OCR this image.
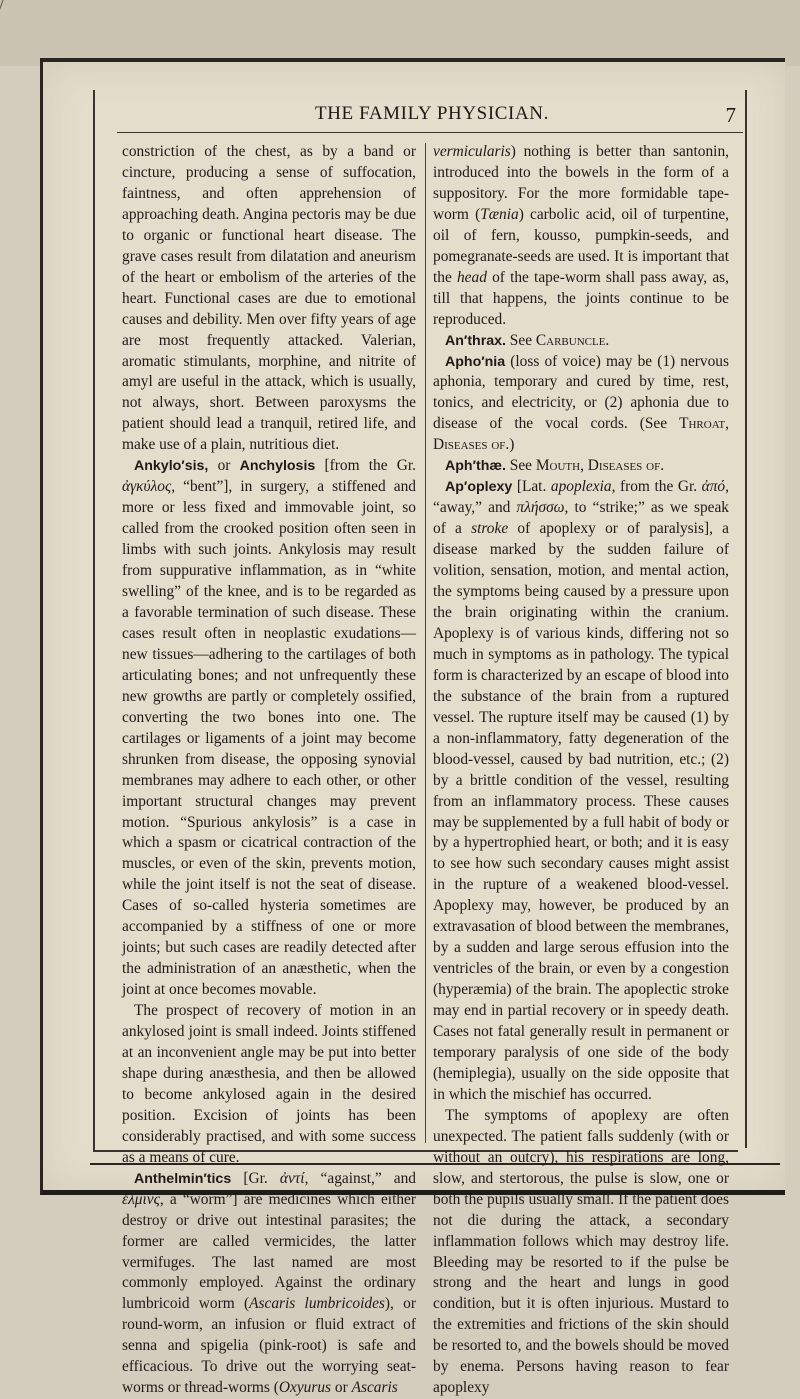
THE FAMILY PHYSICIAN.	7

constriction of the chest, as by a band or cincture, producing a sense of suffocation, faintness, and often apprehension of approaching death. Angina pectoris may be due to organic or functional heart disease. The grave cases result from dilatation and aneurism of the heart or embolism of the arteries of the heart. Functional cases are due to emotional causes and debility. Men over fifty years of age are most frequently attacked. Valerian, aromatic stimulants, morphine, and nitrite of amyl are useful in the attack, which is usually, not always, short. Between paroxysms the patient should lead a tranquil, retired life, and make use of a plain, nutritious diet.

Ankylo′sis, or Anchylosis [from the Gr. ἀγκύλος, “bent”], in surgery, a stiffened and more or less fixed and immovable joint, so called from the crooked position often seen in limbs with such joints. Ankylosis may result from suppurative inflammation, as in “white swelling” of the knee, and is to be regarded as a favorable termination of such disease. These cases result often in neoplastic exudations—new tissues—adhering to the cartilages of both articulating bones; and not unfrequently these new growths are partly or completely ossified, converting the two bones into one. The cartilages or ligaments of a joint may become shrunken from disease, the opposing synovial membranes may adhere to each other, or other important structural changes may prevent motion. “Spurious ankylosis” is a case in which a spasm or cicatrical contraction of the muscles, or even of the skin, prevents motion, while the joint itself is not the seat of disease. Cases of so-called hysteria sometimes are accompanied by a stiffness of one or more joints; but such cases are readily detected after the administration of an anæsthetic, when the joint at once becomes movable.

The prospect of recovery of motion in an ankylosed joint is small indeed. Joints stiffened at an inconvenient angle may be put into better shape during anæsthesia, and then be allowed to become ankylosed again in the desired position. Excision of joints has been considerably practised, and with some success as a means of cure.

Anthelmin′tics [Gr. ἀντί, “against,” and ἕλμινς, a “worm”] are medicines which either destroy or drive out intestinal parasites; the former are called vermicides, the latter vermifuges. The last named are most commonly employed. Against the ordinary lumbricoid worm (Ascaris lumbricoides), or round-worm, an infusion or fluid extract of senna and spigelia (pink-root) is safe and efficacious. To drive out the worrying seat-worms or thread-worms (Oxyurus or Ascaris

vermicularis) nothing is better than santonin, introduced into the bowels in the form of a suppository. For the more formidable tape-worm (Tænia) carbolic acid, oil of turpentine, oil of fern, kousso, pumpkin-seeds, and pomegranate-seeds are used. It is important that the head of the tape-worm shall pass away, as, till that happens, the joints continue to be reproduced.

An′thrax. See Carbuncle.

Apho′nia (loss of voice) may be (1) nervous aphonia, temporary and cured by time, rest, tonics, and electricity, or (2) aphonia due to disease of the vocal cords. (See Throat, Diseases of.)

Aph′thæ. See Mouth, Diseases of.

Ap′oplexy [Lat. apoplexia, from the Gr. ἀπό, “away,” and πλήσσω, to “strike;” as we speak of a stroke of apoplexy or of paralysis], a disease marked by the sudden failure of volition, sensation, motion, and mental action, the symptoms being caused by a pressure upon the brain originating within the cranium. Apoplexy is of various kinds, differing not so much in symptoms as in pathology. The typical form is characterized by an escape of blood into the substance of the brain from a ruptured vessel. The rupture itself may be caused (1) by a non-inflammatory, fatty degeneration of the blood-vessel, caused by bad nutrition, etc.; (2) by a brittle condition of the vessel, resulting from an inflammatory process. These causes may be supplemented by a full habit of body or by a hypertrophied heart, or both; and it is easy to see how such secondary causes might assist in the rupture of a weakened blood-vessel. Apoplexy may, however, be produced by an extravasation of blood between the membranes, by a sudden and large serous effusion into the ventricles of the brain, or even by a congestion (hyperæmia) of the brain. The apoplectic stroke may end in partial recovery or in speedy death. Cases not fatal generally result in permanent or temporary paralysis of one side of the body (hemiplegia), usually on the side opposite that in which the mischief has occurred.

The symptoms of apoplexy are often unexpected. The patient falls suddenly (with or without an outcry), his respirations are long, slow, and stertorous, the pulse is slow, one or both the pupils usually small. If the patient does not die during the attack, a secondary inflammation follows which may destroy life. Bleeding may be resorted to if the pulse be strong and the heart and lungs in good condition, but it is often injurious. Mustard to the extremities and frictions of the skin should be resorted to, and the bowels should be moved by enema. Persons having reason to fear apoplexy
